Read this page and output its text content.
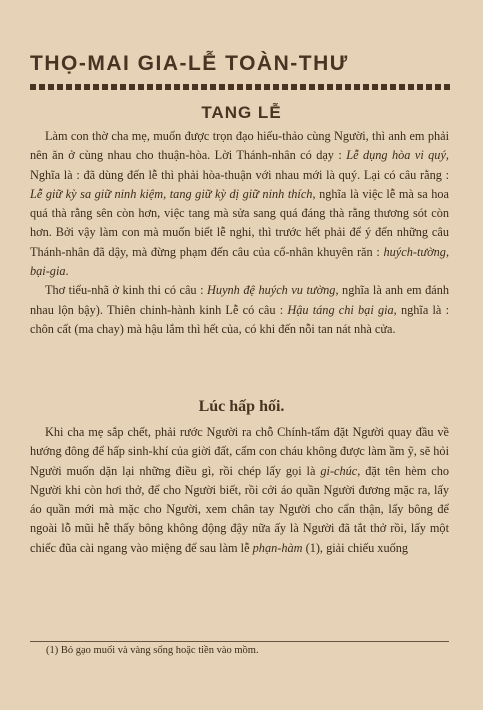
THỌ-MAI GIA-LỄ TOÀN-THƯ
TANG LỄ

Làm con thờ cha mẹ, muốn được trọn đạo hiếu-thảo cùng Người, thì anh em phải nên ăn ở cùng nhau cho thuận-hòa. Lời Thánh-nhân có dạy : Lễ dụng hòa vi quý, Nghĩa là : đã dùng đến lễ thì phải hòa-thuận với nhau mới là quý. Lại có câu rằng : Lễ giữ kỳ sa giữ ninh kiệm, tang giữ kỳ dị giữ ninh thích, nghĩa là việc lễ mà sa hoa quá thà rằng sên còn hơn, việc tang mà sửa sang quá đáng thà rằng thương sót còn hơn. Bởi vậy làm con mà muốn biết lễ nghi, thì trước hết phải để ý đến những câu Thánh-nhân đã dậy, mà đừng phạm đến câu của cổ-nhân khuyên răn : huých-tường, bại-gia.

Thơ tiểu-nhã ở kinh thi có câu : Huynh đệ huých vu tường, nghĩa là anh em đánh nhau lộn bậy). Thiên chinh-hành kinh Lễ có câu : Hậu táng chi bại gia, nghĩa là : chôn cất (ma chay) mà hậu lắm thì hết của, có khi đến nỗi tan nát nhà cửa.

Lúc hấp hối.

Khi cha mẹ sắp chết, phải rước Người ra chỗ Chính-tẩm đặt Người quay đầu về hướng đông để hấp sinh-khí của giời đất, cấm con cháu không được làm ầm ỹ, sẽ hỏi Người muốn dặn lại những điều gì, rồi chép lấy gọi là gi-chúc, đặt tên hèm cho Người khi còn hơi thở, để cho Người biết, rồi cởi áo quần Người đương mặc ra, lấy áo quần mới mà mặc cho Người, xem chân tay Người cho cẩn thận, lấy bông để ngoài lỗ mũi hễ thấy bông không động đậy nữa ấy là Người đã tắt thở rồi, lấy một chiếc đũa cài ngang vào miệng để sau làm lễ phạn-hàm (1), giải chiếu xuống

(1) Bỏ gạo muối và vàng sống hoặc tiền vào mồm.
